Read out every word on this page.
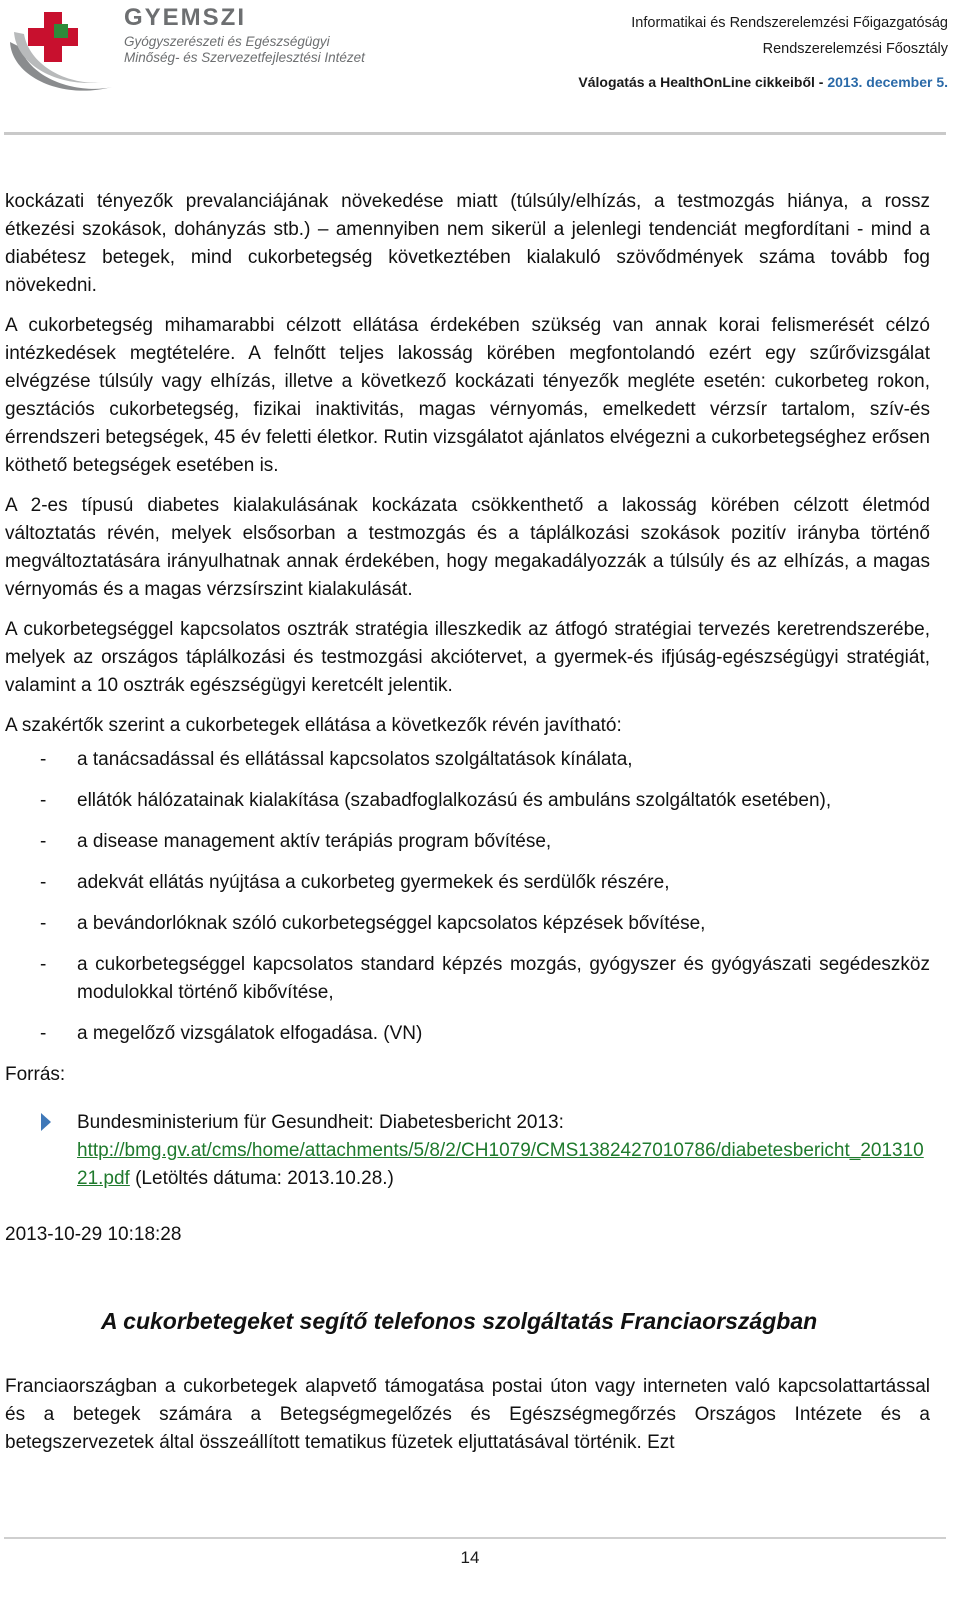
GYEMSZI
Gyógyszerészeti és Egészségügyi
Minőség- és Szervezetfejlesztési Intézet
Informatikai és Rendszerelemzési Főigazgatóság
Rendszerelemzési Főosztály
Válogatás a HealthOnLine cikkeiből - 2013. december 5.

kockázati tényezők prevalanciájának növekedése miatt (túlsúly/elhízás, a testmozgás hiánya, a rossz étkezési szokások, dohányzás stb.) – amennyiben nem sikerül a jelenlegi tendenciát megfordítani - mind a diabétesz betegek, mind cukorbetegség következtében kialakuló szövődmények száma tovább fog növekedni.

A cukorbetegség mihamarabbi célzott ellátása érdekében szükség van annak korai felismerését célzó intézkedések megtételére. A felnőtt teljes lakosság körében megfontolandó ezért egy szűrővizsgálat elvégzése túlsúly vagy elhízás, illetve a következő kockázati tényezők megléte esetén: cukorbeteg rokon, gesztációs cukorbetegség, fizikai inaktivitás, magas vérnyomás, emelkedett vérzsír tartalom, szív-és érrendszeri betegségek, 45 év feletti életkor. Rutin vizsgálatot ajánlatos elvégezni a cukorbetegséghez erősen köthető betegségek esetében is.

A 2-es típusú diabetes kialakulásának kockázata csökkenthető a lakosság körében célzott életmód változtatás révén, melyek elsősorban a testmozgás és a táplálkozási szokások pozitív irányba történő megváltoztatására irányulhatnak annak érdekében, hogy megakadályozzák a túlsúly és az elhízás, a magas vérnyomás és a magas vérzsírszint kialakulását.

A cukorbetegséggel kapcsolatos osztrák stratégia illeszkedik az átfogó stratégiai tervezés keretrendszerébe, melyek az országos táplálkozási és testmozgási akciótervet, a gyermek-és ifjúság-egészségügyi stratégiát, valamint a 10 osztrák egészségügyi keretcélt jelentik.

A szakértők szerint a cukorbetegek ellátása a következők révén javítható:

- a tanácsadással és ellátással kapcsolatos szolgáltatások kínálata,
- ellátók hálózatainak kialakítása (szabadfoglalkozású és ambuláns szolgáltatók esetében),
- a disease management aktív terápiás program bővítése,
- adekvát ellátás nyújtása a cukorbeteg gyermekek és serdülők részére,
- a bevándorlóknak szóló cukorbetegséggel kapcsolatos képzések bővítése,
- a cukorbetegséggel kapcsolatos standard képzés mozgás, gyógyszer és gyógyászati segédeszköz modulokkal történő kibővítése,
- a megelőző vizsgálatok elfogadása. (VN)
Forrás:
Bundesministerium für Gesundheit: Diabetesbericht 2013:
http://bmg.gv.at/cms/home/attachments/5/8/2/CH1079/CMS1382427010786/diabetesbericht_20131021.pdf (Letöltés dátuma: 2013.10.28.)
2013-10-29 10:18:28
A cukorbetegeket segítő telefonos szolgáltatás Franciaországban

Franciaországban a cukorbetegek alapvető támogatása postai úton vagy interneten való kapcsolattartással és a betegek számára a Betegségmegelőzés és Egészségmegőrzés Országos Intézete és a betegszervezetek által összeállított tematikus füzetek eljuttatásával történik. Ezt

14
